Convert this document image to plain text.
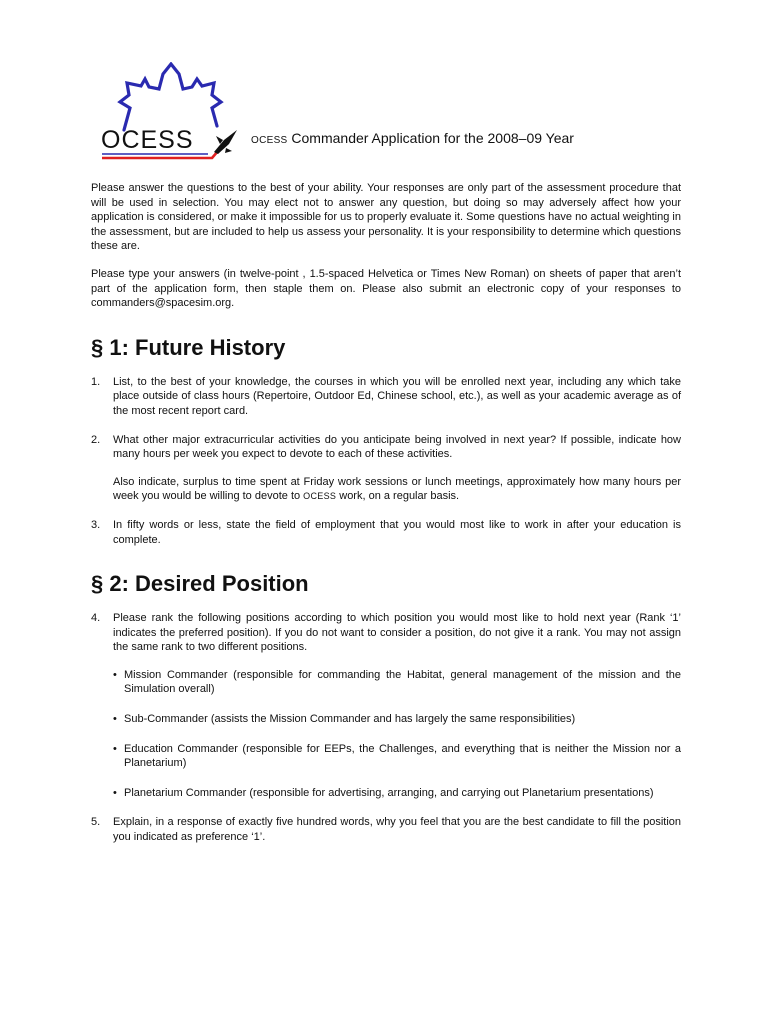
OCESS	OCESS Commander Application for the 2008–09 Year

Please answer the questions to the best of your ability. Your responses are only part of the assessment procedure that will be used in selection. You may elect not to answer any question, but doing so may adversely affect how your application is considered, or make it impossible for us to properly evaluate it. Some questions have no actual weighting in the assessment, but are included to help us assess your personality. It is your responsibility to determine which questions these are.

Please type your answers (in twelve-point , 1.5-spaced Helvetica or Times New Roman) on sheets of paper that aren’t part of the application form, then staple them on. Please also submit an electronic copy of your responses to commanders@spacesim.org.

§ 1: Future History
1. List, to the best of your knowledge, the courses in which you will be enrolled next year, including any which take place outside of class hours (Repertoire, Outdoor Ed, Chinese school, etc.), as well as your academic average as of the most recent report card.
2. What other major extracurricular activities do you anticipate being involved in next year? If possible, indicate how many hours per week you expect to devote to each of these activities.
Also indicate, surplus to time spent at Friday work sessions or lunch meetings, approximately how many hours per week you would be willing to devote to OCESS work, on a regular basis.
3. In fifty words or less, state the field of employment that you would most like to work in after your education is complete.
§ 2: Desired Position
4. Please rank the following positions according to which position you would most like to hold next year (Rank ‘1’ indicates the preferred position). If you do not want to consider a position, do not give it a rank. You may not assign the same rank to two different positions.
• Mission Commander (responsible for commanding the Habitat, general management of the mission and the Simulation overall)
• Sub-Commander (assists the Mission Commander and has largely the same responsibilities)
• Education Commander (responsible for EEPs, the Challenges, and everything that is neither the Mission nor a Planetarium)
• Planetarium Commander (responsible for advertising, arranging, and carrying out Planetarium presentations)
5. Explain, in a response of exactly five hundred words, why you feel that you are the best candidate to fill the position you indicated as preference ‘1’.
